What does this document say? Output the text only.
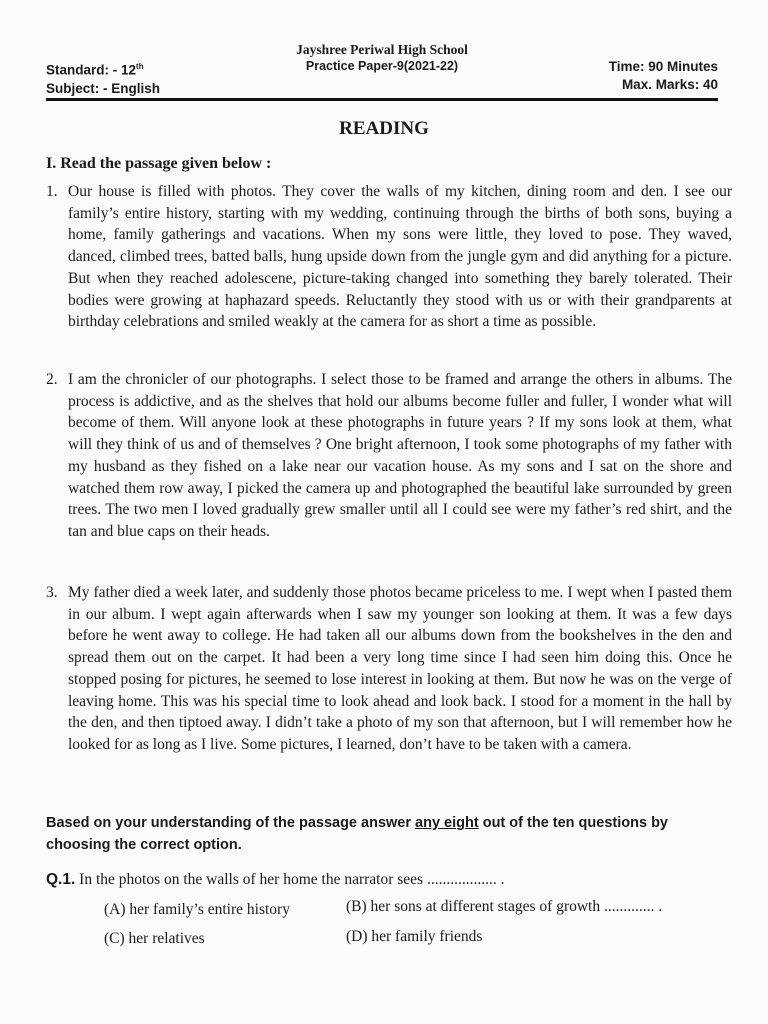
Standard: - 12th
Subject: - English
Jayshree Periwal High School
Practice Paper-9(2021-22)	Time: 90 Minutes
Max. Marks: 40
READING
I. Read the passage given below :
1. Our house is filled with photos. They cover the walls of my kitchen, dining room and den. I see our family’s entire history, starting with my wedding, continuing through the births of both sons, buying a home, family gatherings and vacations. When my sons were little, they loved to pose. They waved, danced, climbed trees, batted balls, hung upside down from the jungle gym and did anything for a picture. But when they reached adolescene, picture-taking changed into something they barely tolerated. Their bodies were growing at haphazard speeds. Reluctantly they stood with us or with their grandparents at birthday celebrations and smiled weakly at the camera for as short a time as possible.
2. I am the chronicler of our photographs. I select those to be framed and arrange the others in albums. The process is addictive, and as the shelves that hold our albums become fuller and fuller, I wonder what will become of them. Will anyone look at these photographs in future years ? If my sons look at them, what will they think of us and of themselves ? One bright afternoon, I took some photographs of my father with my husband as they fished on a lake near our vacation house. As my sons and I sat on the shore and watched them row away, I picked the camera up and photographed the beautiful lake surrounded by green trees. The two men I loved gradually grew smaller until all I could see were my father’s red shirt, and the tan and blue caps on their heads.
3. My father died a week later, and suddenly those photos became priceless to me. I wept when I pasted them in our album. I wept again afterwards when I saw my younger son looking at them. It was a few days before he went away to college. He had taken all our albums down from the bookshelves in the den and spread them out on the carpet. It had been a very long time since I had seen him doing this. Once he stopped posing for pictures, he seemed to lose interest in looking at them. But now he was on the verge of leaving home. This was his special time to look ahead and look back. I stood for a moment in the hall by the den, and then tiptoed away. I didn’t take a photo of my son that afternoon, but I will remember how he looked for as long as I live. Some pictures, I learned, don’t have to be taken with a camera.
Based on your understanding of the passage answer any eight out of the ten questions by choosing the correct option.
Q.1. In the photos on the walls of her home the narrator sees .................. .
(A) her family’s entire history	(B) her sons at different stages of growth ............. .
(C) her relatives	(D) her family friends
